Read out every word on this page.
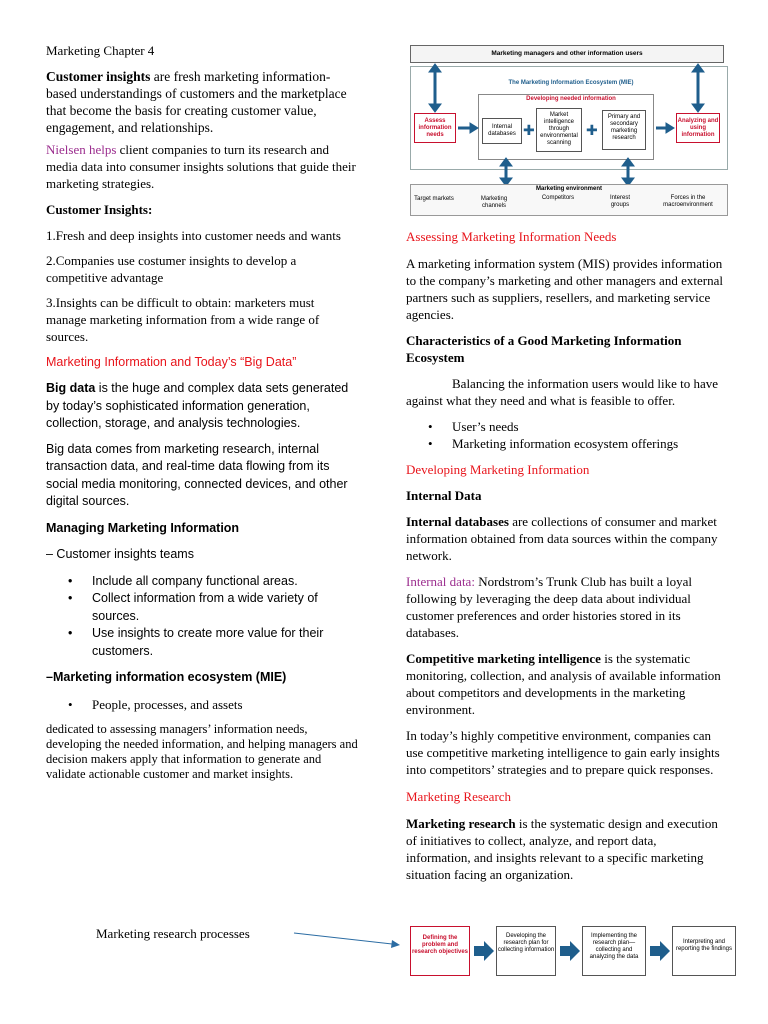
Marketing Chapter 4

Customer insights are fresh marketing information-based understandings of customers and the marketplace that become the basis for creating customer value, engagement, and relationships.

Nielsen helps client companies to turn its research and media data into consumer insights solutions that guide their marketing strategies.

Customer Insights:

1.Fresh and deep insights into customer needs and wants

2.Companies use costumer insights to develop a competitive advantage

3.Insights can be difficult to obtain: marketers must manage marketing information from a wide range of sources.

Marketing Information and Today’s “Big Data”

Big data is the huge and complex data sets generated by today’s sophisticated information generation, collection, storage, and analysis technologies.

Big data comes from marketing research, internal transaction data, and real-time data flowing from its social media monitoring, connected devices, and other digital sources.

Managing Marketing Information

– Customer insights teams

• Include all company functional areas.
• Collect information from a wide variety of sources.
• Use insights to create more value for their customers.

–Marketing information ecosystem (MIE)

• People, processes, and assets

dedicated to assessing managers’ information needs, developing the needed information, and helping managers and decision makers apply that information to generate and validate actionable customer and market insights.

Marketing research processes

Assessing Marketing Information Needs

A marketing information system (MIS) provides information to the company’s marketing and other managers and external partners such as suppliers, resellers, and marketing service agencies.

Characteristics of a Good Marketing Information Ecosystem

Balancing the information users would like to have against what they need and what is feasible to offer.

• User’s needs
• Marketing information ecosystem offerings

Developing Marketing Information

Internal Data

Internal databases are collections of consumer and market information obtained from data sources within the company network.

Internal data: Nordstrom’s Trunk Club has built a loyal following by leveraging the deep data about individual customer preferences and order histories stored in its databases.

Competitive marketing intelligence is the systematic monitoring, collection, and analysis of available information about competitors and developments in the marketing environment.

In today’s highly competitive environment, companies can use competitive marketing intelligence to gain early insights into competitors’ strategies and to prepare quick responses.

Marketing Research

Marketing research is the systematic design and execution of initiatives to collect, analyze, and report data, information, and insights relevant to a specific marketing situation facing an organization.

Marketing managers and other information users
The Marketing Information Ecosystem (MIE)
Developing needed information
Assess information needs
Internal databases
Market intelligence through environmental scanning
Primary and secondary marketing research
Analyzing and using information
✚	✚
Marketing environment
Target markets	Marketing channels
Competitors	Interest groups
Forces in the macroenvironment
Defining the problem and research objectives
Developing the research plan for collecting information
Implementing the research plan—collecting and analyzing the data
Interpreting and reporting the findings
